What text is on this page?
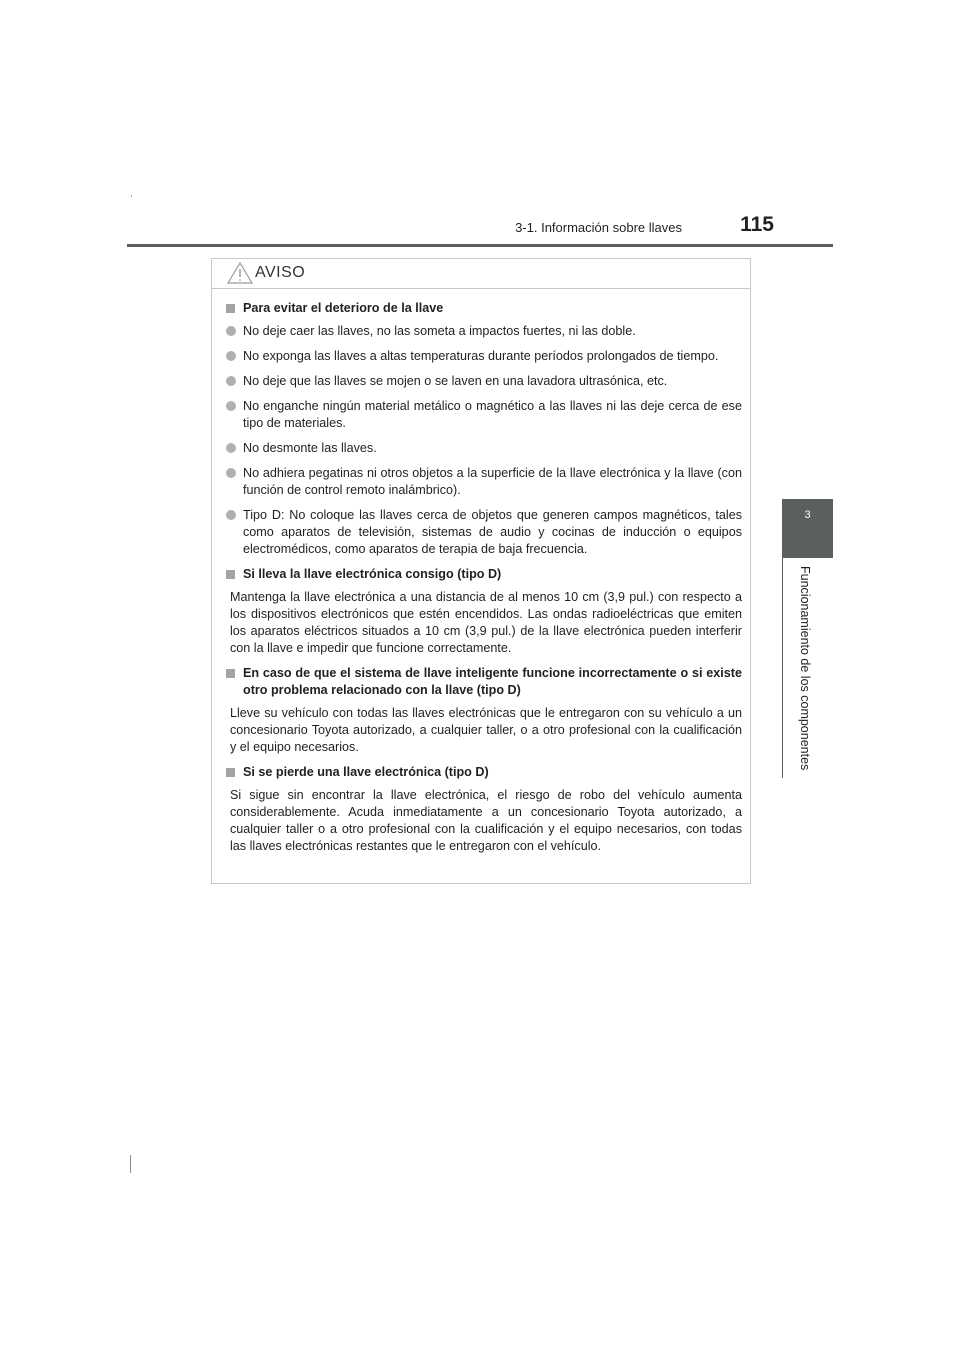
,
3-1. Información sobre llaves	115
3
Funcionamiento de los componentes
AVISO
Para evitar el deterioro de la llave
No deje caer las llaves, no las someta a impactos fuertes, ni las doble.
No exponga las llaves a altas temperaturas durante períodos prolongados de tiempo.
No deje que las llaves se mojen o se laven en una lavadora ultrasónica, etc.
No enganche ningún material metálico o magnético a las llaves ni las deje cerca de ese tipo de materiales.
No desmonte las llaves.
No adhiera pegatinas ni otros objetos a la superficie de la llave electrónica y la llave (con función de control remoto inalámbrico).
Tipo D: No coloque las llaves cerca de objetos que generen campos magnéticos, tales como aparatos de televisión, sistemas de audio y cocinas de inducción o equipos electromédicos, como aparatos de terapia de baja frecuencia.
Si lleva la llave electrónica consigo (tipo D)
Mantenga la llave electrónica a una distancia de al menos 10 cm (3,9 pul.) con respecto a los dispositivos electrónicos que estén encendidos. Las ondas radioeléctricas que emiten los aparatos eléctricos situados a 10 cm (3,9 pul.) de la llave electrónica pueden interferir con la llave e impedir que funcione correctamente.
En caso de que el sistema de llave inteligente funcione incorrectamente o si existe otro problema relacionado con la llave (tipo D)
Lleve su vehículo con todas las llaves electrónicas que le entregaron con su vehículo a un concesionario Toyota autorizado, a cualquier taller, o a otro profesional con la cualificación y el equipo necesarios.
Si se pierde una llave electrónica (tipo D)
Si sigue sin encontrar la llave electrónica, el riesgo de robo del vehículo aumenta considerablemente. Acuda inmediatamente a un concesionario Toyota autorizado, a cualquier taller o a otro profesional con la cualificación y el equipo necesarios, con todas las llaves electrónicas restantes que le entregaron con el vehículo.
